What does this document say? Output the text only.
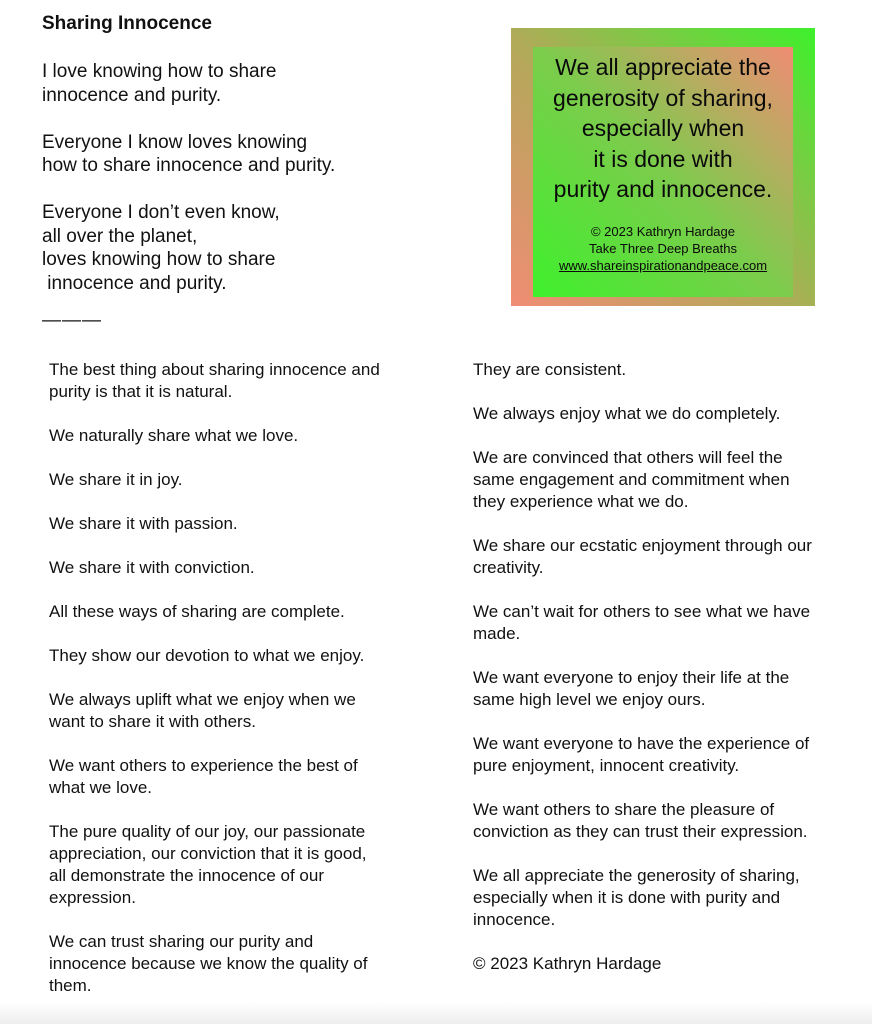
Sharing Innocence
I love knowing how to share
innocence and purity.
Everyone I know loves knowing
how to share innocence and purity.
Everyone I don’t even know,
all over the planet,
loves knowing how to share
innocence and purity.
———
We all appreciate the
generosity of sharing,
especially when
it is done with
purity and innocence.
© 2023 Kathryn Hardage
Take Three Deep Breaths
www.shareinspirationandpeace.com
The best thing about sharing innocence and
purity is that it is natural.
We naturally share what we love.
We share it in joy.
We share it with passion.
We share it with conviction.
All these ways of sharing are complete.
They show our devotion to what we enjoy.
We always uplift what we enjoy when we
want to share it with others.
We want others to experience the best of
what we love.
The pure quality of our joy, our passionate
appreciation, our conviction that it is good,
all demonstrate the innocence of our
expression.
We can trust sharing our purity and
innocence because we know the quality of
them.
They are consistent.
We always enjoy what we do completely.
We are convinced that others will feel the
same engagement and commitment when
they experience what we do.
We share our ecstatic enjoyment through our
creativity.
We can’t wait for others to see what we have
made.
We want everyone to enjoy their life at the
same high level we enjoy ours.
We want everyone to have the experience of
pure enjoyment, innocent creativity.
We want others to share the pleasure of
conviction as they can trust their expression.
We all appreciate the generosity of sharing,
especially when it is done with purity and
innocence.
© 2023 Kathryn Hardage
